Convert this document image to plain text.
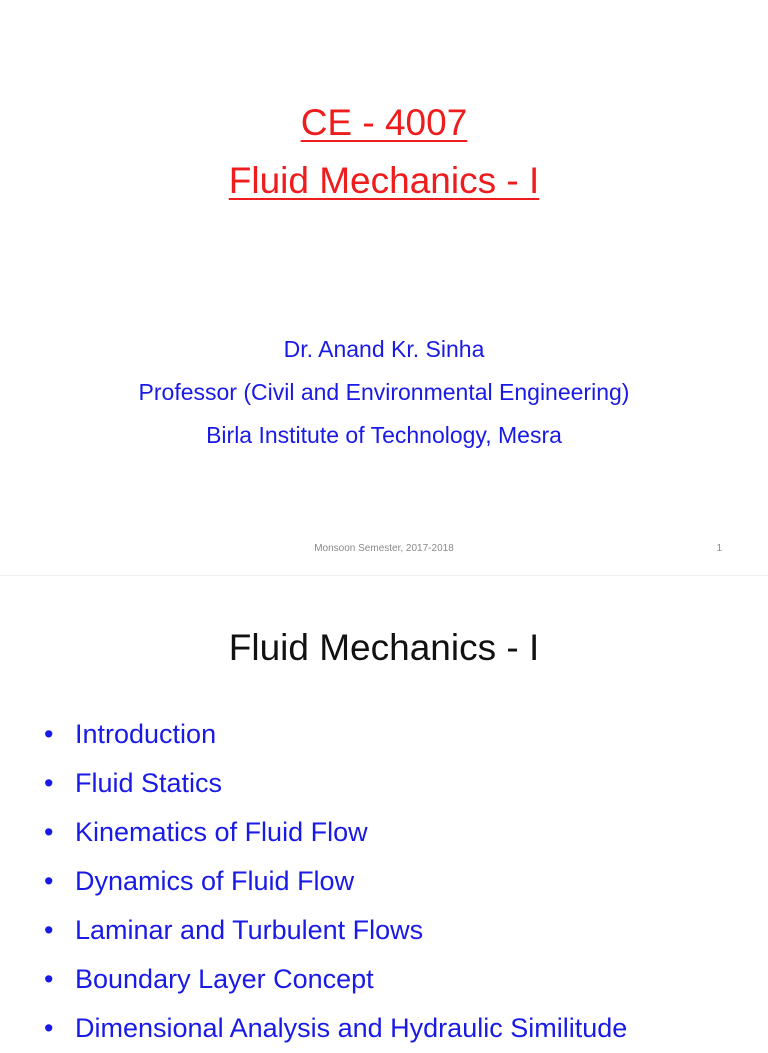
CE - 4007
Fluid Mechanics - I
Dr. Anand Kr. Sinha
Professor (Civil and Environmental Engineering)
Birla Institute of Technology, Mesra
Monsoon Semester, 2017-2018	1
Fluid Mechanics - I
• Introduction
• Fluid Statics
• Kinematics of Fluid Flow
• Dynamics of Fluid Flow
• Laminar and Turbulent Flows
• Boundary Layer Concept
• Dimensional Analysis and Hydraulic Similitude
